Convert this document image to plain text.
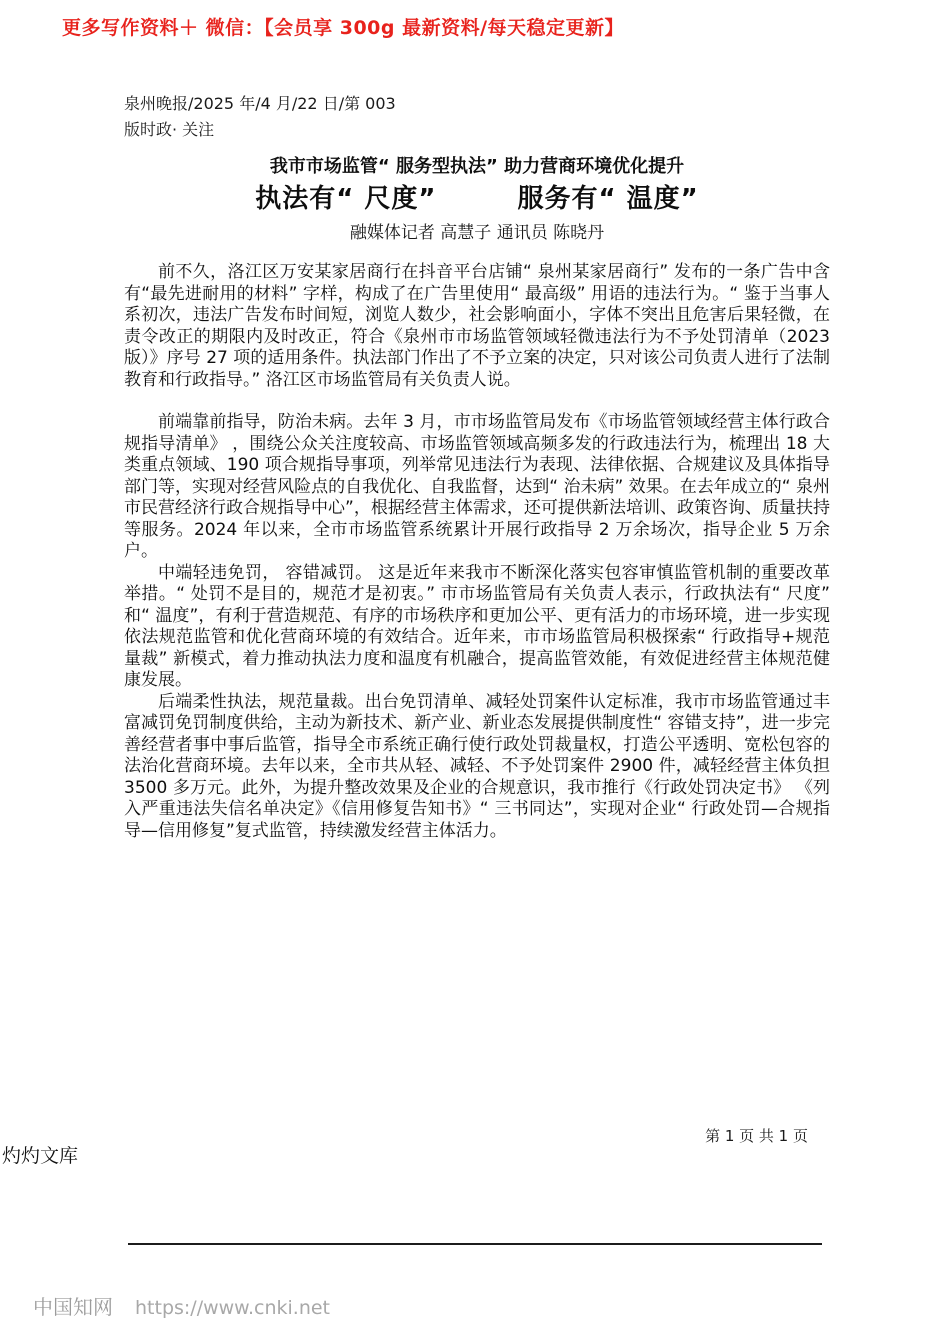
更多写作资料＋ 微信：【会员享 300g 最新资料/每天稳定更新】
泉州晚报/2025 年/4 月/22 日/第 003
版时政· 关注
我市市场监管“ 服务型执法” 助力营商环境优化提升
执法有“ 尺度”　　　服务有“ 温度”
融媒体记者 高慧子 通讯员 陈晓丹

前不久，洛江区万安某家居商行在抖音平台店铺“ 泉州某家居商行” 发布的一条广告中含有“最先进耐用的材料” 字样，构成了在广告里使用“ 最高级” 用语的违法行为。“ 鉴于当事人系初次，违法广告发布时间短，浏览人数少，社会影响面小，字体不突出且危害后果轻微，在责令改正的期限内及时改正，符合《泉州市市场监管领域轻微违法行为不予处罚清单（2023 版）》序号 27 项的适用条件。执法部门作出了不予立案的决定，只对该公司负责人进行了法制教育和行政指导。” 洛江区市场监管局有关负责人说。

前端靠前指导，防治未病。去年 3 月，市市场监管局发布《市场监管领域经营主体行政合规指导清单》 ，围绕公众关注度较高、市场监管领域高频多发的行政违法行为，梳理出 18 大类重点领域、190 项合规指导事项，列举常见违法行为表现、法律依据、合规建议及具体指导部门等，实现对经营风险点的自我优化、自我监督，达到“ 治未病” 效果。在去年成立的“ 泉州市民营经济行政合规指导中心”，根据经营主体需求，还可提供新法培训、政策咨询、质量扶持等服务。2024 年以来，全市市场监管系统累计开展行政指导 2 万余场次，指导企业 5 万余户。

中端轻违免罚， 容错减罚。 这是近年来我市不断深化落实包容审慎监管机制的重要改革举措。“ 处罚不是目的，规范才是初衷。” 市市场监管局有关负责人表示，行政执法有“ 尺度” 和“ 温度”，有利于营造规范、有序的市场秩序和更加公平、更有活力的市场环境，进一步实现依法规范监管和优化营商环境的有效结合。近年来，市市场监管局积极探索“ 行政指导+规范量裁” 新模式，着力推动执法力度和温度有机融合，提高监管效能，有效促进经营主体规范健康发展。

后端柔性执法，规范量裁。出台免罚清单、减轻处罚案件认定标准，我市市场监管通过丰富减罚免罚制度供给，主动为新技术、新产业、新业态发展提供制度性“ 容错支持”，进一步完善经营者事中事后监管，指导全市系统正确行使行政处罚裁量权，打造公平透明、宽松包容的法治化营商环境。去年以来，全市共从轻、减轻、不予处罚案件 2900 件，减轻经营主体负担 3500 多万元。此外，为提升整改效果及企业的合规意识，我市推行《行政处罚决定书》 《列入严重违法失信名单决定》《信用修复告知书》“ 三书同达”，实现对企业“ 行政处罚—合规指导—信用修复”复式监管，持续激发经营主体活力。

第 1 页 共 1 页
灼灼文库
中国知网 https://www.cnki.net
